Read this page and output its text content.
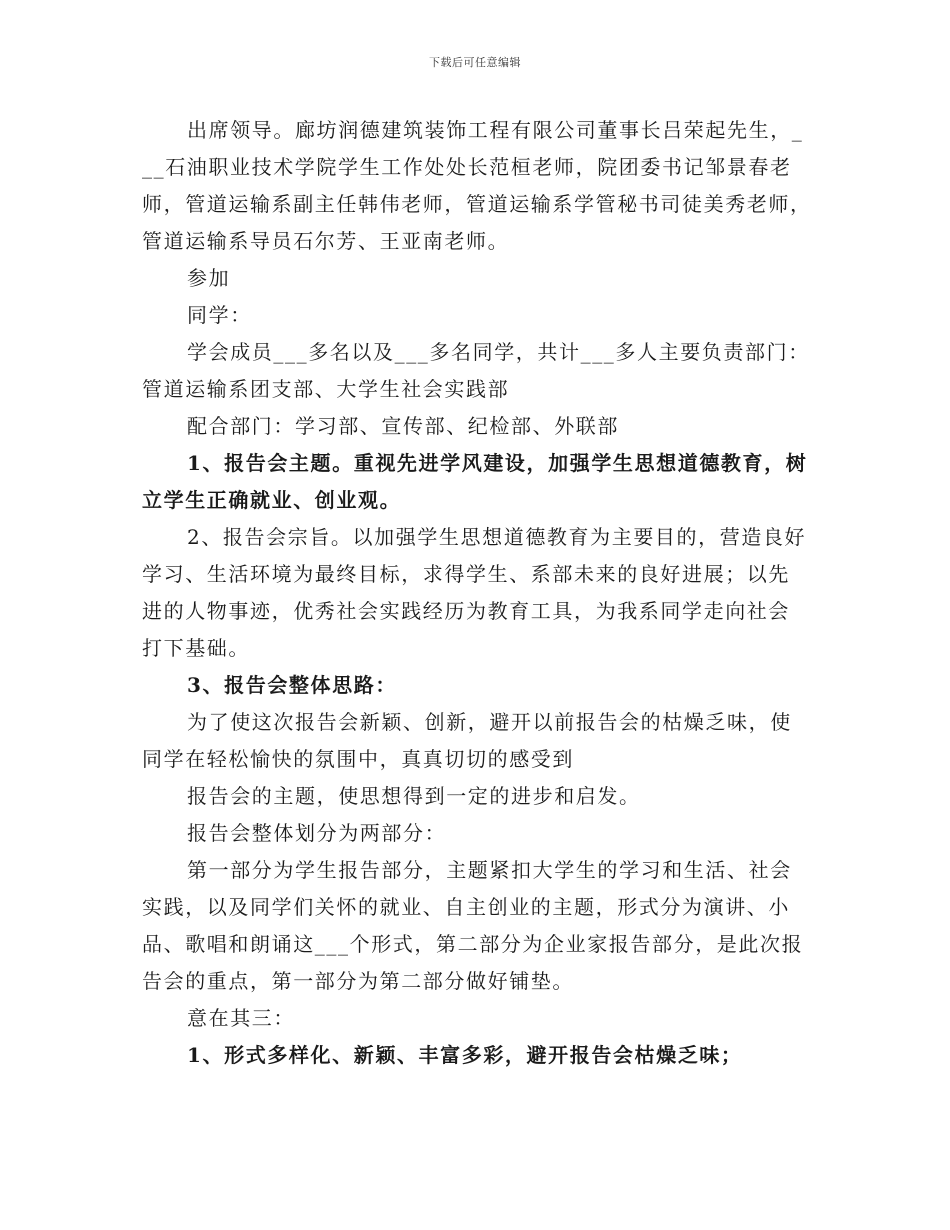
下载后可任意编辑
出席领导。廊坊润德建筑装饰工程有限公司董事长吕荣起先生，_
__石油职业技术学院学生工作处处长范桓老师，院团委书记邹景春老
师，管道运输系副主任韩伟老师，管道运输系学管秘书司徒美秀老师，
管道运输系导员石尔芳、王亚南老师。
参加
同学：
学会成员___多名以及___多名同学，共计___多人主要负责部门：
管道运输系团支部、大学生社会实践部
配合部门：学习部、宣传部、纪检部、外联部
1、报告会主题。重视先进学风建设，加强学生思想道德教育，树
立学生正确就业、创业观。
2、报告会宗旨。以加强学生思想道德教育为主要目的，营造良好
学习、生活环境为最终目标，求得学生、系部未来的良好进展；以先
进的人物事迹，优秀社会实践经历为教育工具，为我系同学走向社会
打下基础。
3、报告会整体思路：
为了使这次报告会新颖、创新，避开以前报告会的枯燥乏味，使
同学在轻松愉快的氛围中，真真切切的感受到
报告会的主题，使思想得到一定的进步和启发。
报告会整体划分为两部分：
第一部分为学生报告部分，主题紧扣大学生的学习和生活、社会
实践，以及同学们关怀的就业、自主创业的主题，形式分为演讲、小
品、歌唱和朗诵这___个形式，第二部分为企业家报告部分，是此次报
告会的重点，第一部分为第二部分做好铺垫。
意在其三：
1、形式多样化、新颖、丰富多彩，避开报告会枯燥乏味；
